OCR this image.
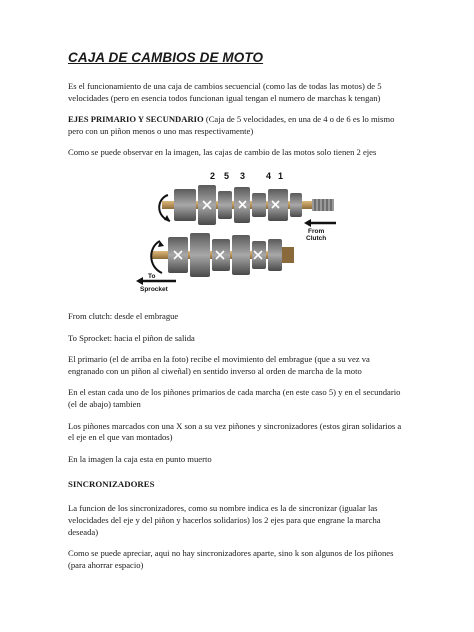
CAJA DE CAMBIOS DE MOTO

Es el funcionamiento de una caja de cambios secuencial (como las de todas las motos) de 5 velocidades (pero en esencia todos funcionan igual tengan el numero de marchas k tengan)

EJES PRIMARIO Y SECUNDARIO (Caja de 5 velocidades, en una de 4 o de 6 es lo mismo pero con un piñon menos o uno mas respectivamente)

Como se puede observar en la imagen, las cajas de cambio de las motos solo tienen 2 ejes

2 5 3 4 1
From
Clutch
To
Sprocket

From clutch: desde el embrague

To Sprocket: hacia el piñon de salida

El primario (el de arriba en la foto) recibe el movimiento del embrague (que a su vez va engranado con un piñon al ciweñal) en sentido inverso al orden de marcha de la moto

En el estan cada uno de los piñones primarios de cada marcha (en este caso 5) y en el secundario (el de abajo) tambien

Los piñones marcados con una X son a su vez piñones y sincronizadores (estos giran solidarios a el eje en el que van montados)

En la imagen la caja esta en punto muerto

SINCRONIZADORES

La funcion de los sincronizadores, como su nombre indica es la de sincronizar (igualar las velocidades del eje y del piñon y hacerlos solidarios) los 2 ejes para que engrane la marcha deseada)

Como se puede apreciar, aqui no hay sincronizadores aparte, sino k son algunos de los piñones (para ahorrar espacio)
